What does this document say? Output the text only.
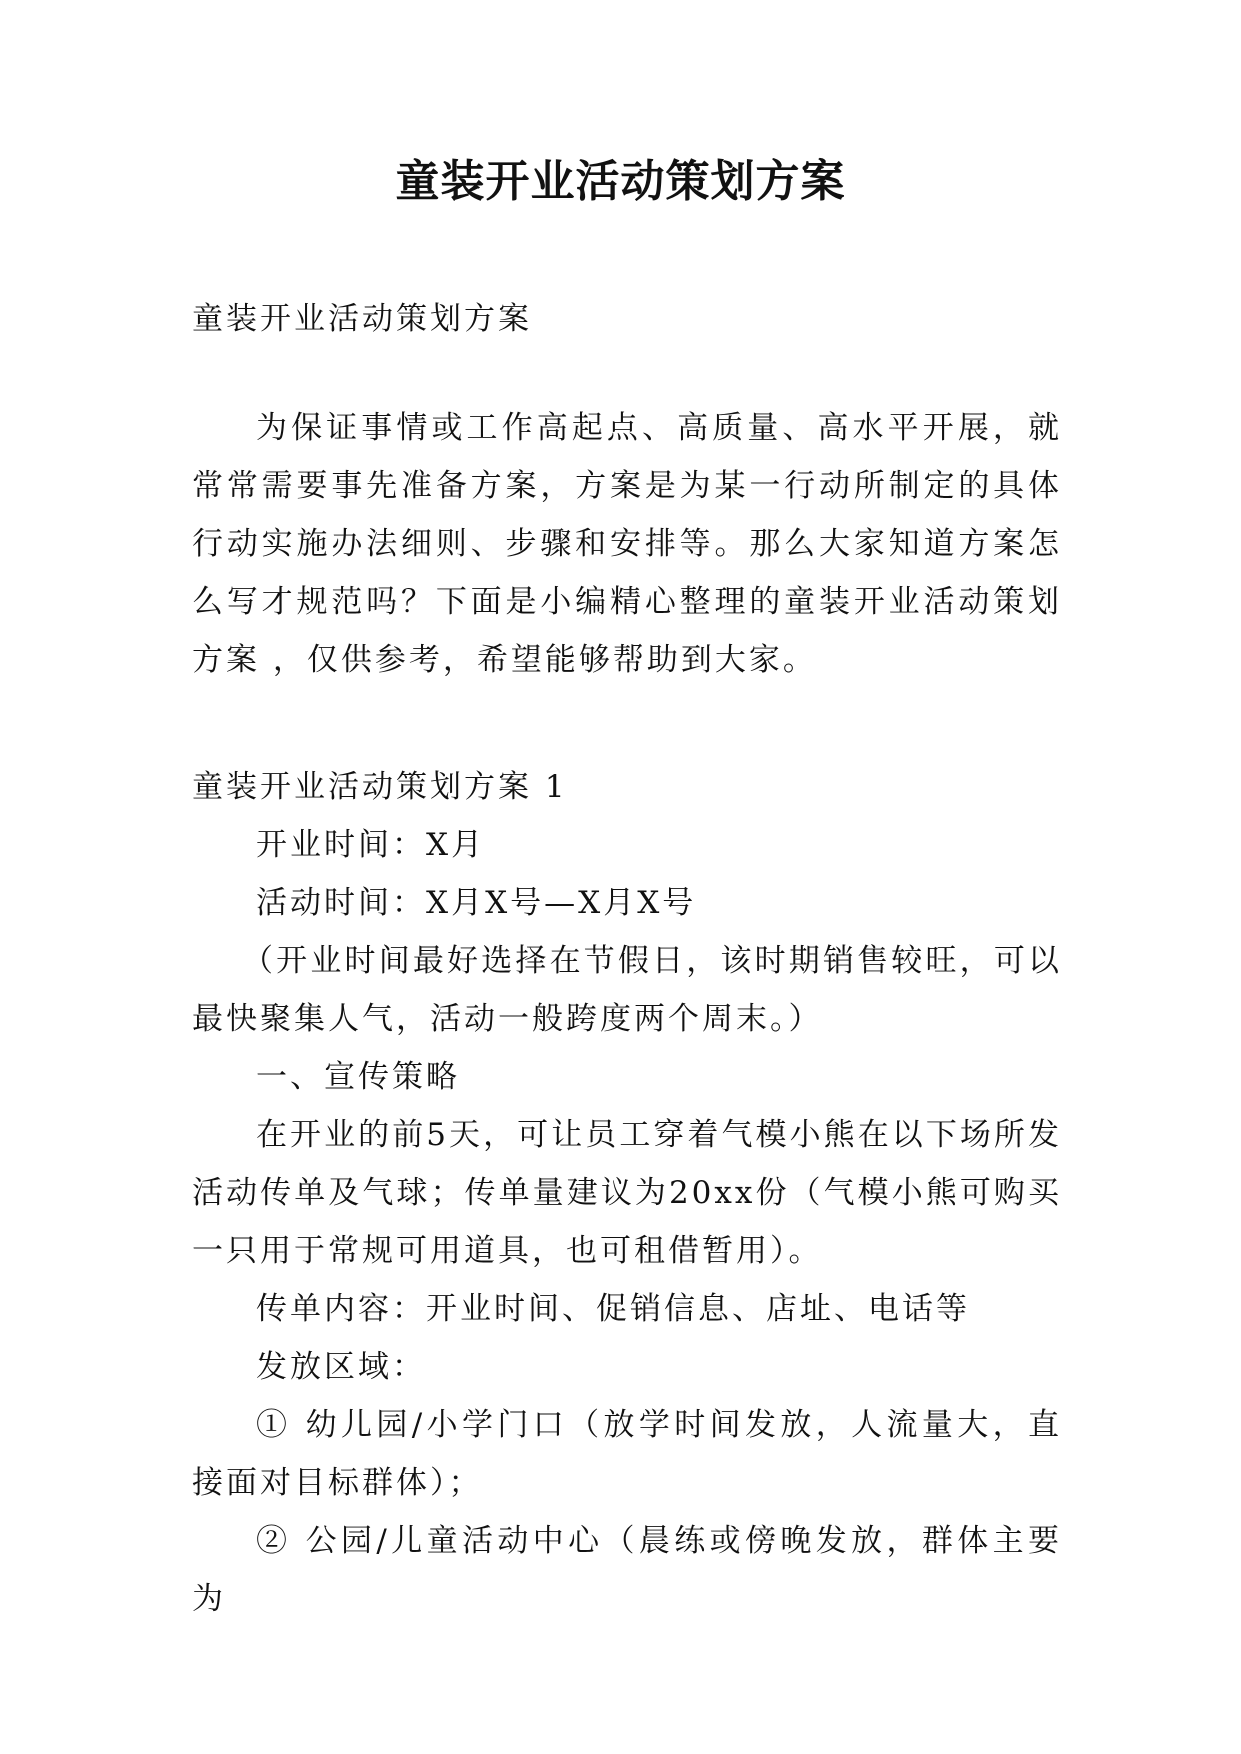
童装开业活动策划方案
童装开业活动策划方案
为保证事情或工作高起点、高质量、高水平开展，就常常需要事先准备方案，方案是为某一行动所制定的具体行动实施办法细则、步骤和安排等。那么大家知道方案怎么写才规范吗？下面是小编精心整理的童装开业活动策划方案 ，仅供参考，希望能够帮助到大家。
童装开业活动策划方案 1
开业时间：X月
活动时间：X月X号—X月X号
（开业时间最好选择在节假日，该时期销售较旺，可以最快聚集人气，活动一般跨度两个周末。）
一、宣传策略
在开业的前5天，可让员工穿着气模小熊在以下场所发活动传单及气球；传单量建议为20xx份（气模小熊可购买一只用于常规可用道具，也可租借暂用）。
传单内容：开业时间、促销信息、店址、电话等
发放区域：
① 幼儿园/小学门口（放学时间发放，人流量大，直接面对目标群体）；
② 公园/儿童活动中心（晨练或傍晚发放，群体主要为
